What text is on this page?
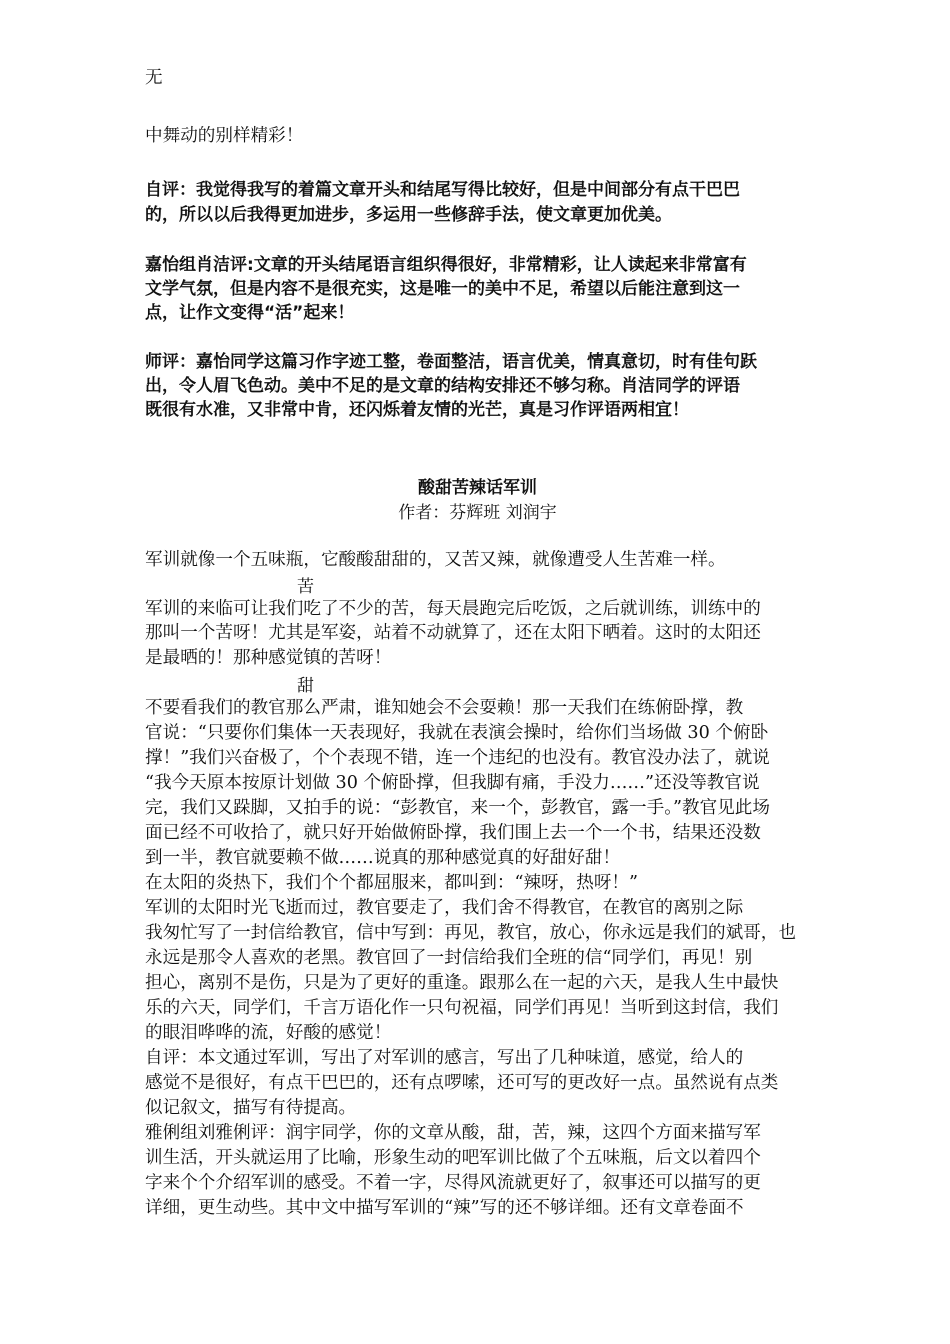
无
中舞动的别样精彩！
自评：我觉得我写的着篇文章开头和结尾写得比较好，但是中间部分有点干巴巴
的，所以以后我得更加进步，多运用一些修辞手法，使文章更加优美。
嘉怡组肖洁评:文章的开头结尾语言组织得很好，非常精彩，让人读起来非常富有
文学气氛，但是内容不是很充实，这是唯一的美中不足，希望以后能注意到这一
点，让作文变得“活”起来！
师评：嘉怡同学这篇习作字迹工整，卷面整洁，语言优美，情真意切，时有佳句跃
出，令人眉飞色动。美中不足的是文章的结构安排还不够匀称。肖洁同学的评语
既很有水准，又非常中肯，还闪烁着友情的光芒，真是习作评语两相宜！
酸甜苦辣话军训
作者：芬辉班 刘润宇
军训就像一个五味瓶，它酸酸甜甜的，又苦又辣，就像遭受人生苦难一样。
苦
军训的来临可让我们吃了不少的苦，每天晨跑完后吃饭，之后就训练，训练中的
那叫一个苦呀！尤其是军姿，站着不动就算了，还在太阳下晒着。这时的太阳还
是最晒的！那种感觉镇的苦呀！
甜
不要看我们的教官那么严肃，谁知她会不会耍赖！那一天我们在练俯卧撑，教
官说：“只要你们集体一天表现好，我就在表演会操时，给你们当场做 30 个俯卧
撑！”我们兴奋极了，个个表现不错，连一个违纪的也没有。教官没办法了，就说
“我今天原本按原计划做 30 个俯卧撑，但我脚有痛，手没力……”还没等教官说
完，我们又跺脚，又拍手的说：“彭教官，来一个，彭教官，露一手。”教官见此场
面已经不可收拾了，就只好开始做俯卧撑，我们围上去一个一个书，结果还没数
到一半，教官就要赖不做……说真的那种感觉真的好甜好甜！
在太阳的炎热下，我们个个都屈服来，都叫到：“辣呀，热呀！”
军训的太阳时光飞逝而过，教官要走了，我们舍不得教官，在教官的离别之际
我匆忙写了一封信给教官，信中写到：再见，教官，放心，你永远是我们的斌哥，也
永远是那令人喜欢的老黑。教官回了一封信给我们全班的信“同学们，再见！别
担心，离别不是伤，只是为了更好的重逢。跟那么在一起的六天，是我人生中最快
乐的六天，同学们，千言万语化作一只句祝福，同学们再见！当听到这封信，我们
的眼泪哗哗的流，好酸的感觉！
自评：本文通过军训，写出了对军训的感言，写出了几种味道，感觉，给人的
感觉不是很好，有点干巴巴的，还有点啰嗦，还可写的更改好一点。虽然说有点类
似记叙文，描写有待提高。
雅俐组刘雅俐评：润宇同学，你的文章从酸，甜，苦，辣，这四个方面来描写军
训生活，开头就运用了比喻，形象生动的吧军训比做了个五味瓶，后文以着四个
字来个个介绍军训的感受。不着一字，尽得风流就更好了，叙事还可以描写的更
详细，更生动些。其中文中描写军训的“辣”写的还不够详细。还有文章卷面不
